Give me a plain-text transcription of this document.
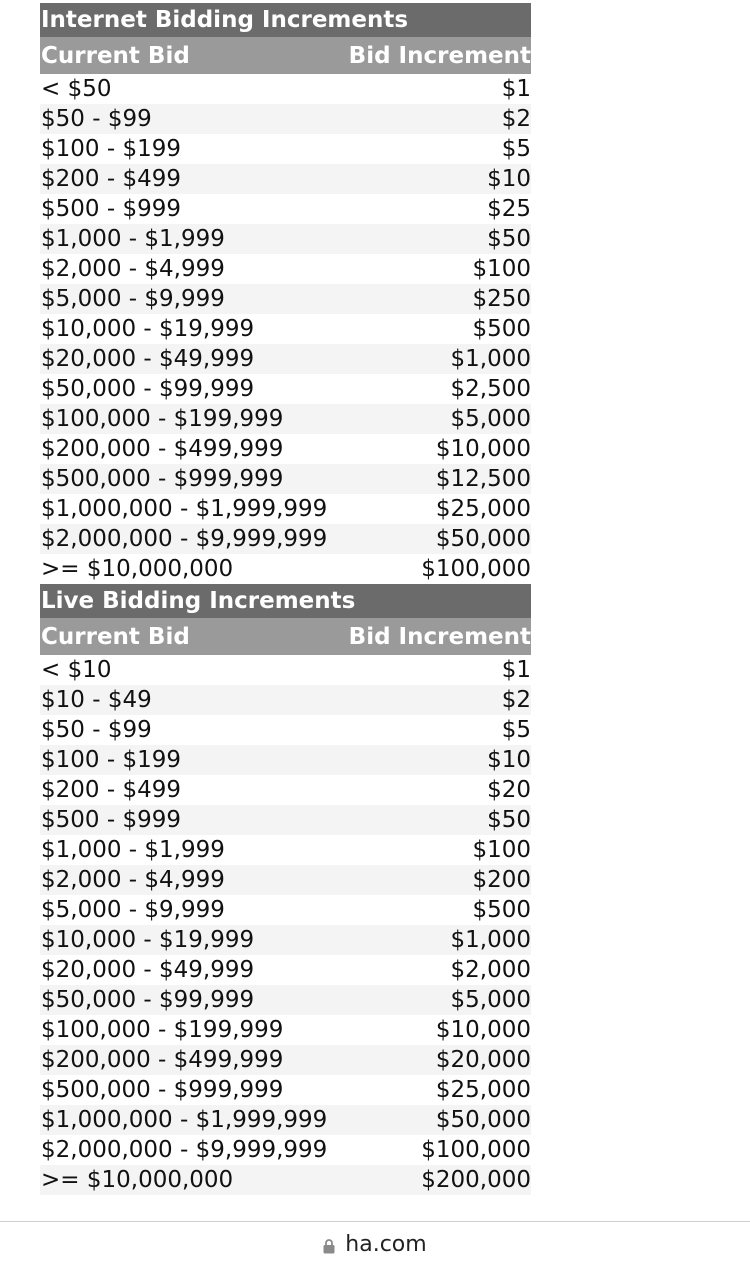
Internet Bidding Increments
Current Bid	Bid Increment
< $50	$1
$50 - $99	$2
$100 - $199	$5
$200 - $499	$10
$500 - $999	$25
$1,000 - $1,999	$50
$2,000 - $4,999	$100
$5,000 - $9,999	$250
$10,000 - $19,999	$500
$20,000 - $49,999	$1,000
$50,000 - $99,999	$2,500
$100,000 - $199,999	$5,000
$200,000 - $499,999	$10,000
$500,000 - $999,999	$12,500
$1,000,000 - $1,999,999	$25,000
$2,000,000 - $9,999,999	$50,000
>= $10,000,000	$100,000
Live Bidding Increments
Current Bid	Bid Increment
< $10	$1
$10 - $49	$2
$50 - $99	$5
$100 - $199	$10
$200 - $499	$20
$500 - $999	$50
$1,000 - $1,999	$100
$2,000 - $4,999	$200
$5,000 - $9,999	$500
$10,000 - $19,999	$1,000
$20,000 - $49,999	$2,000
$50,000 - $99,999	$5,000
$100,000 - $199,999	$10,000
$200,000 - $499,999	$20,000
$500,000 - $999,999	$25,000
$1,000,000 - $1,999,999	$50,000
$2,000,000 - $9,999,999	$100,000
>= $10,000,000	$200,000
ha.com
